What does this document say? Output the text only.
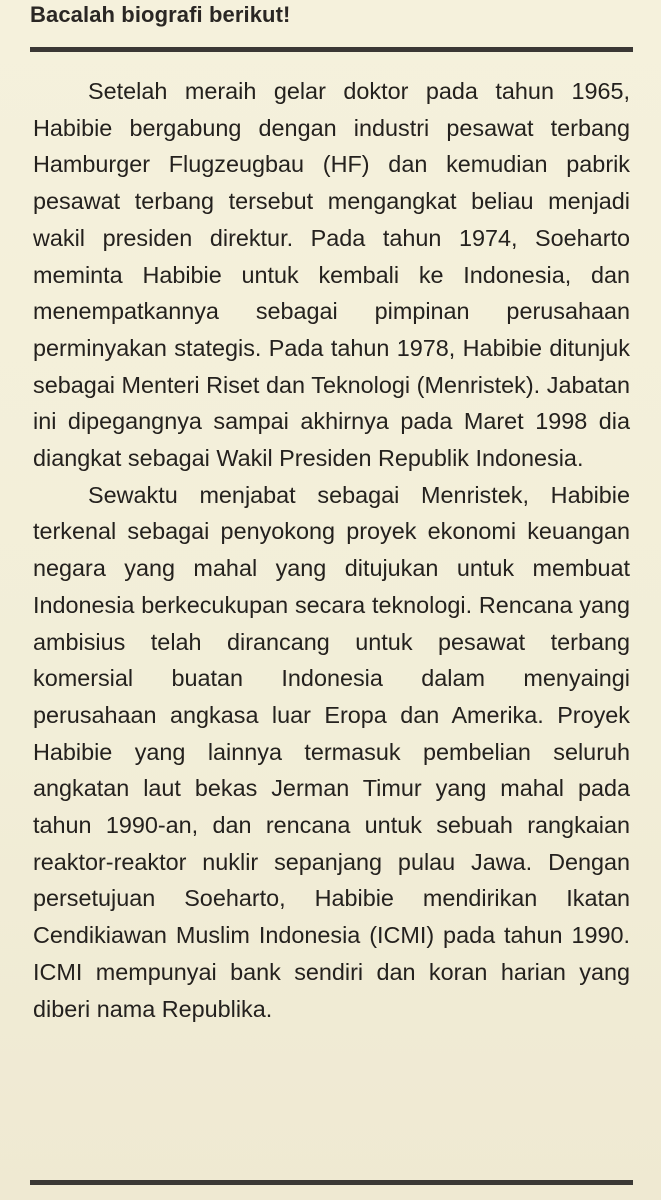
Bacalah biografi berikut!

Setelah meraih gelar doktor pada tahun 1965, Habibie bergabung dengan industri pesawat terbang Hamburger Flugzeugbau (HF) dan kemudian pabrik pesawat terbang tersebut mengangkat beliau menjadi wakil presiden direktur. Pada tahun 1974, Soeharto meminta Habibie untuk kembali ke Indonesia, dan menempatkannya sebagai pimpinan perusahaan perminyakan stategis. Pada tahun 1978, Habibie ditunjuk sebagai Menteri Riset dan Teknologi (Menristek). Jabatan ini dipegangnya sampai akhirnya pada Maret 1998 dia diangkat sebagai Wakil Presiden Republik Indonesia.

Sewaktu menjabat sebagai Menristek, Habibie terkenal sebagai penyokong proyek ekonomi keuangan negara yang mahal yang ditujukan untuk membuat Indonesia berkecukupan secara teknologi. Rencana yang ambisius telah dirancang untuk pesawat terbang komersial buatan Indonesia dalam menyaingi perusahaan angkasa luar Eropa dan Amerika. Proyek Habibie yang lainnya termasuk pembelian seluruh angkatan laut bekas Jerman Timur yang mahal pada tahun 1990-an, dan rencana untuk sebuah rangkaian reaktor-reaktor nuklir sepanjang pulau Jawa. Dengan persetujuan Soeharto, Habibie mendirikan Ikatan Cendikiawan Muslim Indonesia (ICMI) pada tahun 1990. ICMI mempunyai bank sendiri dan koran harian yang diberi nama Republika.
